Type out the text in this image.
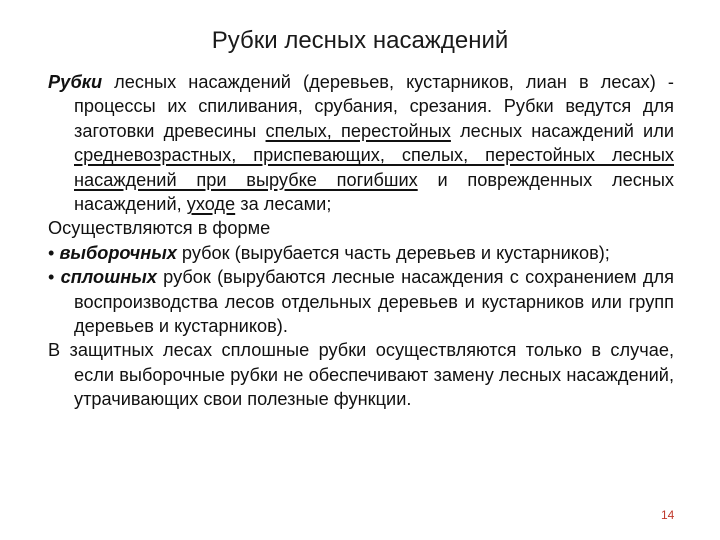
Рубки лесных насаждений

Рубки лесных насаждений (деревьев, кустарников, лиан в лесах) - процессы их спиливания, срубания, срезания. Рубки ведутся для заготовки древесины спелых, перестойных лесных насаждений или средневозрастных, приспевающих, спелых, перестойных лесных насаждений при вырубке погибших и поврежденных лесных насаждений, уходе за лесами;

Осуществляются в форме

• выборочных рубок (вырубается часть деревьев и кустарников);

• сплошных рубок (вырубаются лесные насаждения с сохранением для воспроизводства лесов отдельных деревьев и кустарников или групп деревьев и кустарников).

В защитных лесах сплошные рубки осуществляются только в случае, если выборочные рубки не обеспечивают замену лесных насаждений, утрачивающих свои полезные функции.

14
